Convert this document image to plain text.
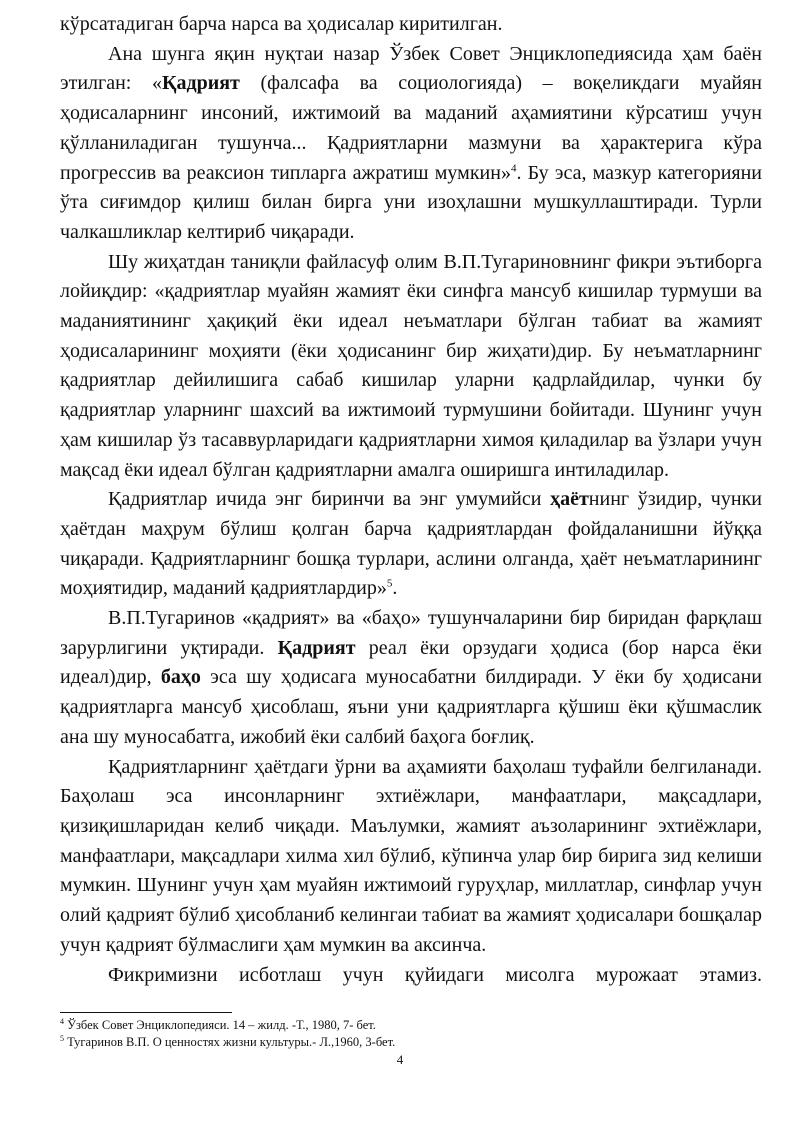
кўрсатадиган барча нарса ва ҳодисалар киритилган.

Ана шунга яқин нуқтаи назар Ўзбек Совет Энциклопедиясида ҳам баён этилган: «Қадрият (фалсафа ва социологияда) – воқеликдаги муайян ҳодисаларнинг инсоний, ижтимоий ва маданий аҳамиятини кўрсатиш учун қўлланиладиган тушунча... Қадриятларни мазмуни ва ҳарактерига кўра прогрессив ва реаксион типларга ажратиш мумкин»$^4$. Бу эса, мазкур категорияни ўта сиғимдор қилиш билан бирга уни изоҳлашни мушкуллаштиради. Турли чалкашликлар келтириб чиқаради.

Шу жиҳатдан таниқли файласуф олим В.П.Тугариновнинг фикри эътиборга лойиқдир: «қадриятлар муайян жамият ёки синфга мансуб кишилар турмуши ва маданиятининг ҳақиқий ёки идеал неъматлари бўлган табиат ва жамият ҳодисаларининг моҳияти (ёки ҳодисанинг бир жиҳати)дир. Бу неъматларнинг қадриятлар дейилишига сабаб кишилар уларни қадрлайдилар, чунки бу қадриятлар уларнинг шахсий ва ижтимоий турмушини бойитади. Шунинг учун ҳам кишилар ўз тасаввурларидаги қадриятларни химоя қиладилар ва ўзлари учун мақсад ёки идеал бўлган қадриятларни амалга оширишга интиладилар.

Қадриятлар ичида энг биринчи ва энг умумийси ҳаётнинг ўзидир, чунки ҳаётдан маҳрум бўлиш қолган барча қадриятлардан фойдаланишни йўққа чиқаради. Қадриятларнинг бошқа турлари, аслини олганда, ҳаёт неъматларининг моҳиятидир, маданий қадриятлардир»$^5$.

В.П.Тугаринов «қадрият» ва «баҳо» тушунчаларини бир биридан фарқлаш зарурлигини уқтиради. Қадрият реал ёки орзудаги ҳодиса (бор нарса ёки идеал)дир, баҳо эса шу ҳодисага муносабатни билдиради. У ёки бу ҳодисани қадриятларга мансуб ҳисоблаш, яъни уни қадриятларга қўшиш ёки қўшмаслик ана шу муносабатга, ижобий ёки салбий баҳога боғлиқ.

Қадриятларнинг ҳаётдаги ўрни ва аҳамияти баҳолаш туфайли белгиланади. Баҳолаш эса инсонларнинг эхтиёжлари, манфаатлари, мақсадлари, қизиқишларидан келиб чиқади. Маълумки, жамият аъзоларининг эхтиёжлари, манфаатлари, мақсадлари хилма хил бўлиб, кўпинча улар бир бирига зид келиши мумкин. Шунинг учун ҳам муайян ижтимоий гуруҳлар, миллатлар, синфлар учун олий қадрият бўлиб ҳисобланиб келингаи табиат ва жамият ҳодисалари бошқалар учун қадрият бўлмаслиги ҳам мумкин ва аксинча.

Фикримизни исботлаш учун қуйидаги мисолга мурожаат этамиз.

$^4$ Ўзбек Совет Энциклопедияси. 14 – жилд. -Т., 1980, 7- бет.
$^5$ Тугаринов В.П. О ценностях жизни культуры.- Л.,1960, 3-бет.
4
